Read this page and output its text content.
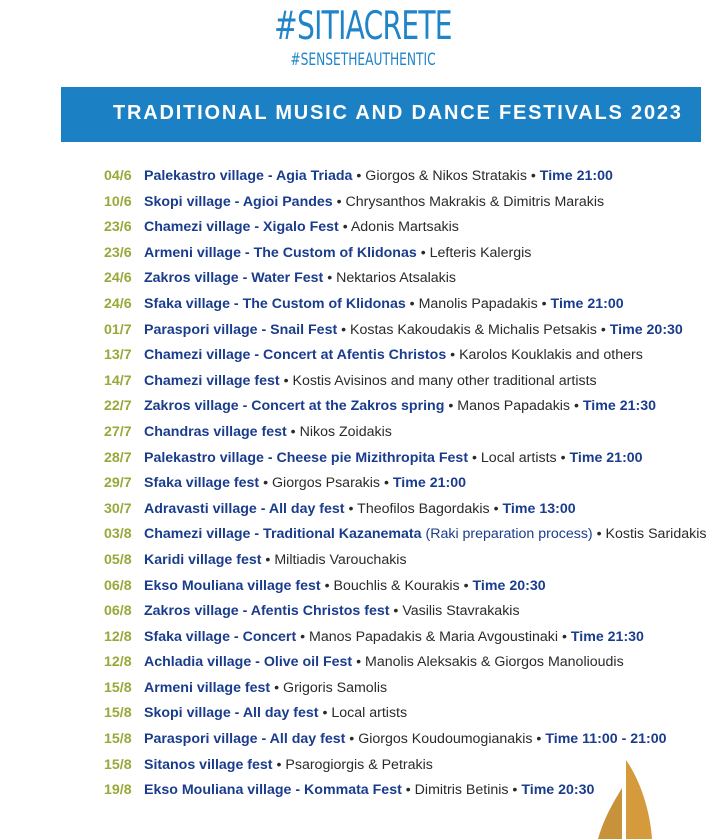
#SITIACRETE
#SENSETHEAUTHENTIC
TRADITIONAL MUSIC AND DANCE FESTIVALS 2023
04/6 Palekastro village - Agia Triada • Giorgos & Nikos Stratakis • Time 21:00
10/6 Skopi village - Agioi Pandes • Chrysanthos Makrakis & Dimitris Marakis
23/6 Chamezi village - Xigalo Fest • Adonis Martsakis
23/6 Armeni village - The Custom of Klidonas • Lefteris Kalergis
24/6 Zakros village - Water Fest • Nektarios Atsalakis
24/6 Sfaka village - The Custom of Klidonas • Manolis Papadakis • Time 21:00
01/7 Paraspori village - Snail Fest • Kostas Kakoudakis & Michalis Petsakis • Time 20:30
13/7 Chamezi village - Concert at Afentis Christos • Karolos Kouklakis and others
14/7 Chamezi village fest • Kostis Avisinos and many other traditional artists
22/7 Zakros village - Concert at the Zakros spring • Manos Papadakis • Time 21:30
27/7 Chandras village fest • Nikos Zoidakis
28/7 Palekastro village - Cheese pie Mizithropita Fest • Local artists • Time 21:00
29/7 Sfaka village fest • Giorgos Psarakis • Time 21:00
30/7 Adravasti village - All day fest • Theofilos Bagordakis • Time 13:00
03/8 Chamezi village - Traditional Kazanemata (Raki preparation process) • Kostis Saridakis
05/8 Karidi village fest • Miltiadis Varouchakis
06/8 Ekso Mouliana village fest • Bouchlis & Kourakis • Time 20:30
06/8 Zakros village - Afentis Christos fest • Vasilis Stavrakakis
12/8 Sfaka village - Concert • Manos Papadakis & Maria Avgoustinaki • Time 21:30
12/8 Achladia village - Olive oil Fest • Manolis Aleksakis & Giorgos Manolioudis
15/8 Armeni village fest • Grigoris Samolis
15/8 Skopi village - All day fest • Local artists
15/8 Paraspori village - All day fest • Giorgos Koudoumogianakis • Time 11:00 - 21:00
15/8 Sitanos village fest • Psarogiorgis & Petrakis
19/8 Ekso Mouliana village - Kommata Fest • Dimitris Betinis • Time 20:30
